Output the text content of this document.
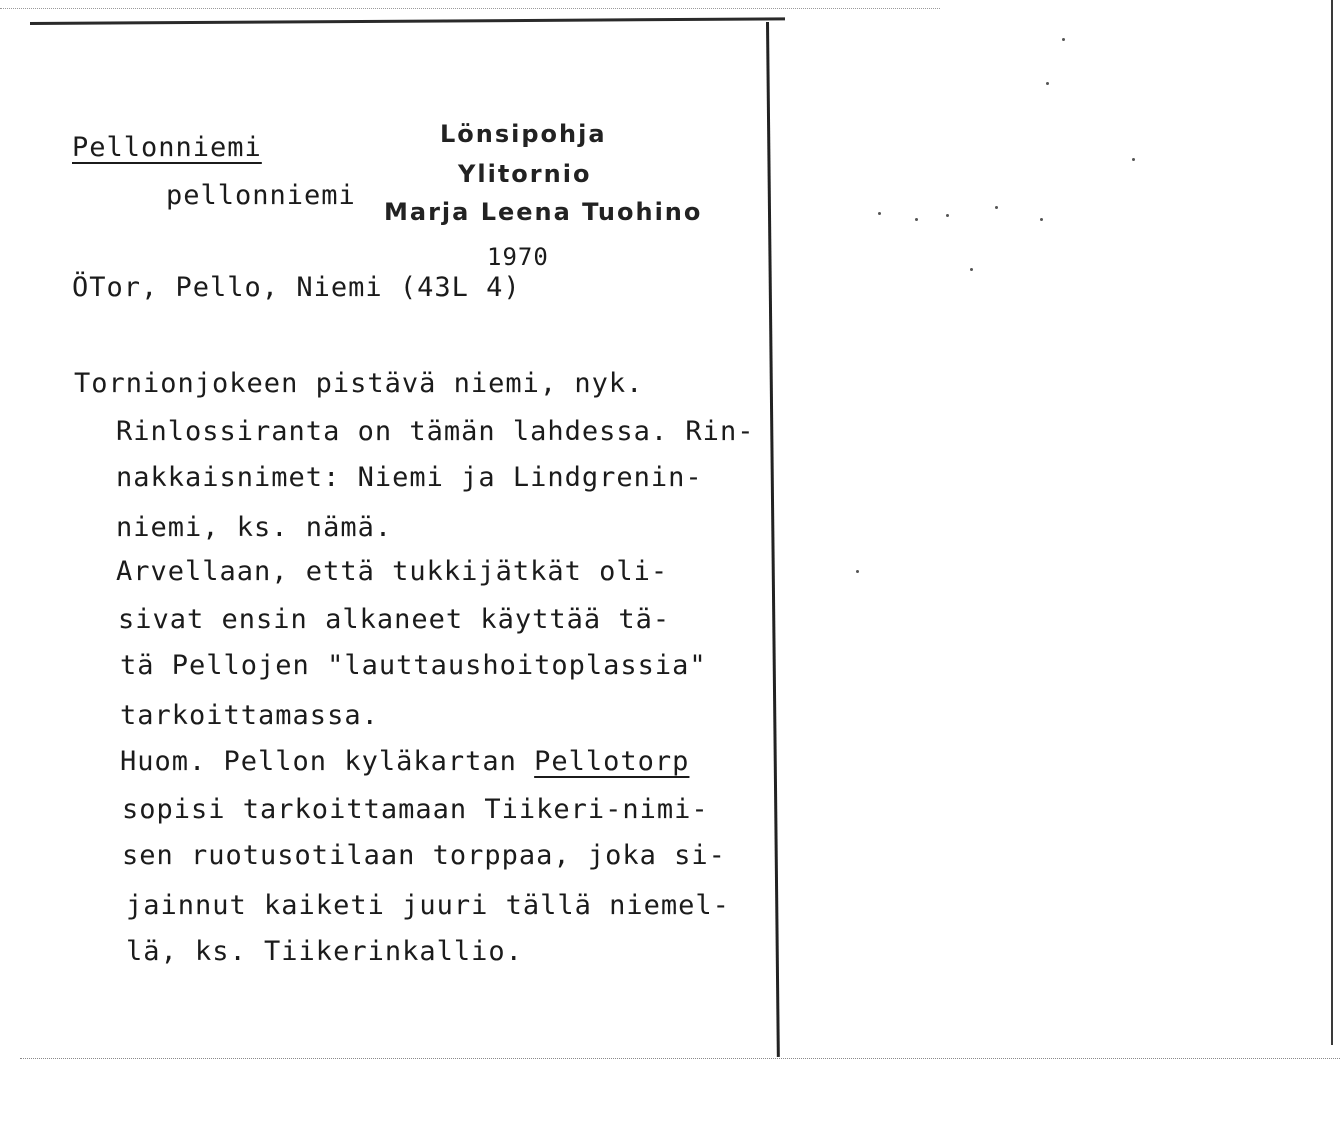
Pellonniemi
pellonniemi
Lönsipohja
Ylitornio
Marja Leena Tuohino
1970
ÖTor, Pello, Niemi (43L 4)
Tornionjokeen pistävä niemi, nyk.
Rinlossiranta on tämän lahdessa. Rin-
nakkaisnimet: Niemi ja Lindgrenin-
niemi, ks. nämä.
Arvellaan, että tukkijätkät oli-
sivat ensin alkaneet käyttää tä-
tä Pellojen "lauttaushoitoplassia"
tarkoittamassa.
Huom. Pellon kyläkartan Pellotorp
sopisi tarkoittamaan Tiikeri-nimi-
sen ruotusotilaan torppaa, joka si-
jainnut kaiketi juuri tällä niemel-
lä, ks. Tiikerinkallio.
